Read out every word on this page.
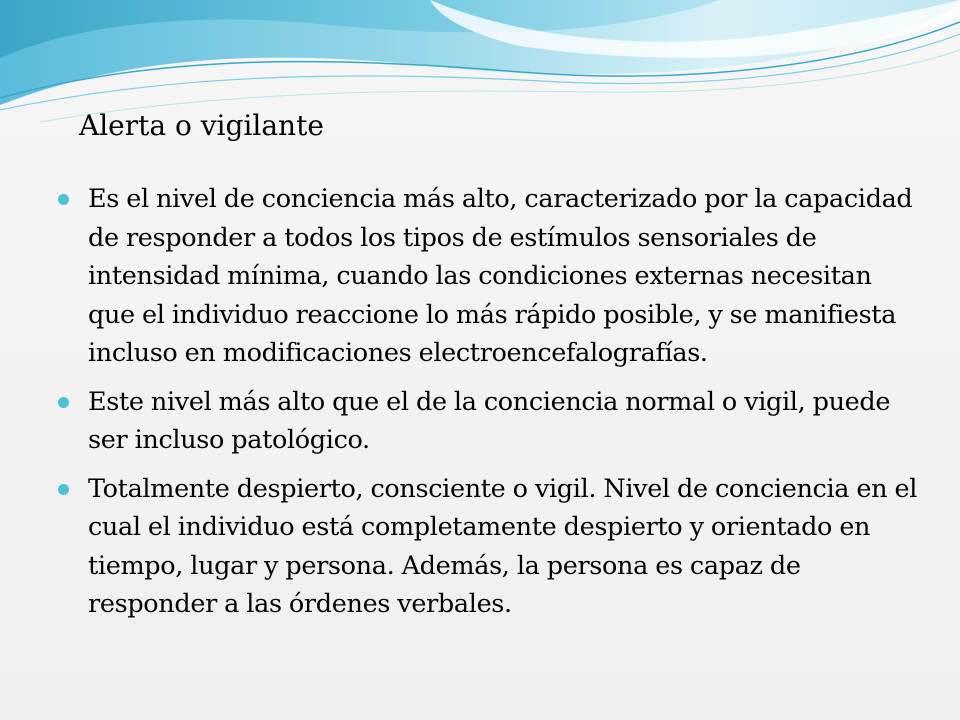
Alerta o vigilante
Es el nivel de conciencia más alto, caracterizado por la capacidad de responder a todos los tipos de estímulos sensoriales de intensidad mínima, cuando las condiciones externas necesitan que el individuo reaccione lo más rápido posible, y se manifiesta incluso en modificaciones electroencefalografías.
Este nivel más alto que el de la conciencia normal o vigil, puede ser incluso patológico.
Totalmente despierto, consciente o vigil. Nivel de conciencia en el cual el individuo está completamente despierto y orientado en tiempo, lugar y persona. Además, la persona es capaz de responder a las órdenes verbales.
